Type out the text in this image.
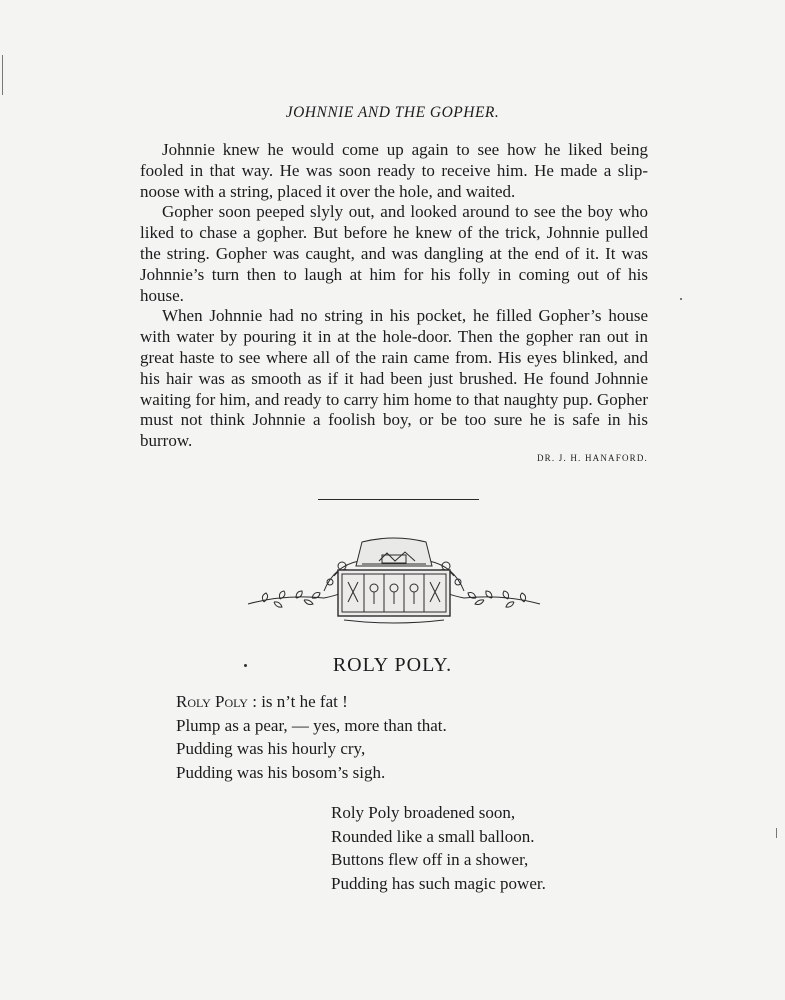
JOHNNIE AND THE GOPHER.

Johnnie knew he would come up again to see how he liked being fooled in that way. He was soon ready to receive him. He made a slip-noose with a string, placed it over the hole, and waited.

Gopher soon peeped slyly out, and looked around to see the boy who liked to chase a gopher. But before he knew of the trick, Johnnie pulled the string. Gopher was caught, and was dangling at the end of it. It was Johnnie’s turn then to laugh at him for his folly in coming out of his house.

When Johnnie had no string in his pocket, he filled Gopher’s house with water by pouring it in at the hole-door. Then the gopher ran out in great haste to see where all of the rain came from. His eyes blinked, and his hair was as smooth as if it had been just brushed. He found Johnnie waiting for him, and ready to carry him home to that naughty pup. Gopher must not think Johnnie a foolish boy, or be too sure he is safe in his burrow.

DR. J. H. HANAFORD.
ROLY POLY.
Roly Poly : is n’t he fat !
Plump as a pear, — yes, more than that.
Pudding was his hourly cry,
Pudding was his bosom’s sigh.
Roly Poly broadened soon,
Rounded like a small balloon.
Buttons flew off in a shower,
Pudding has such magic power.
